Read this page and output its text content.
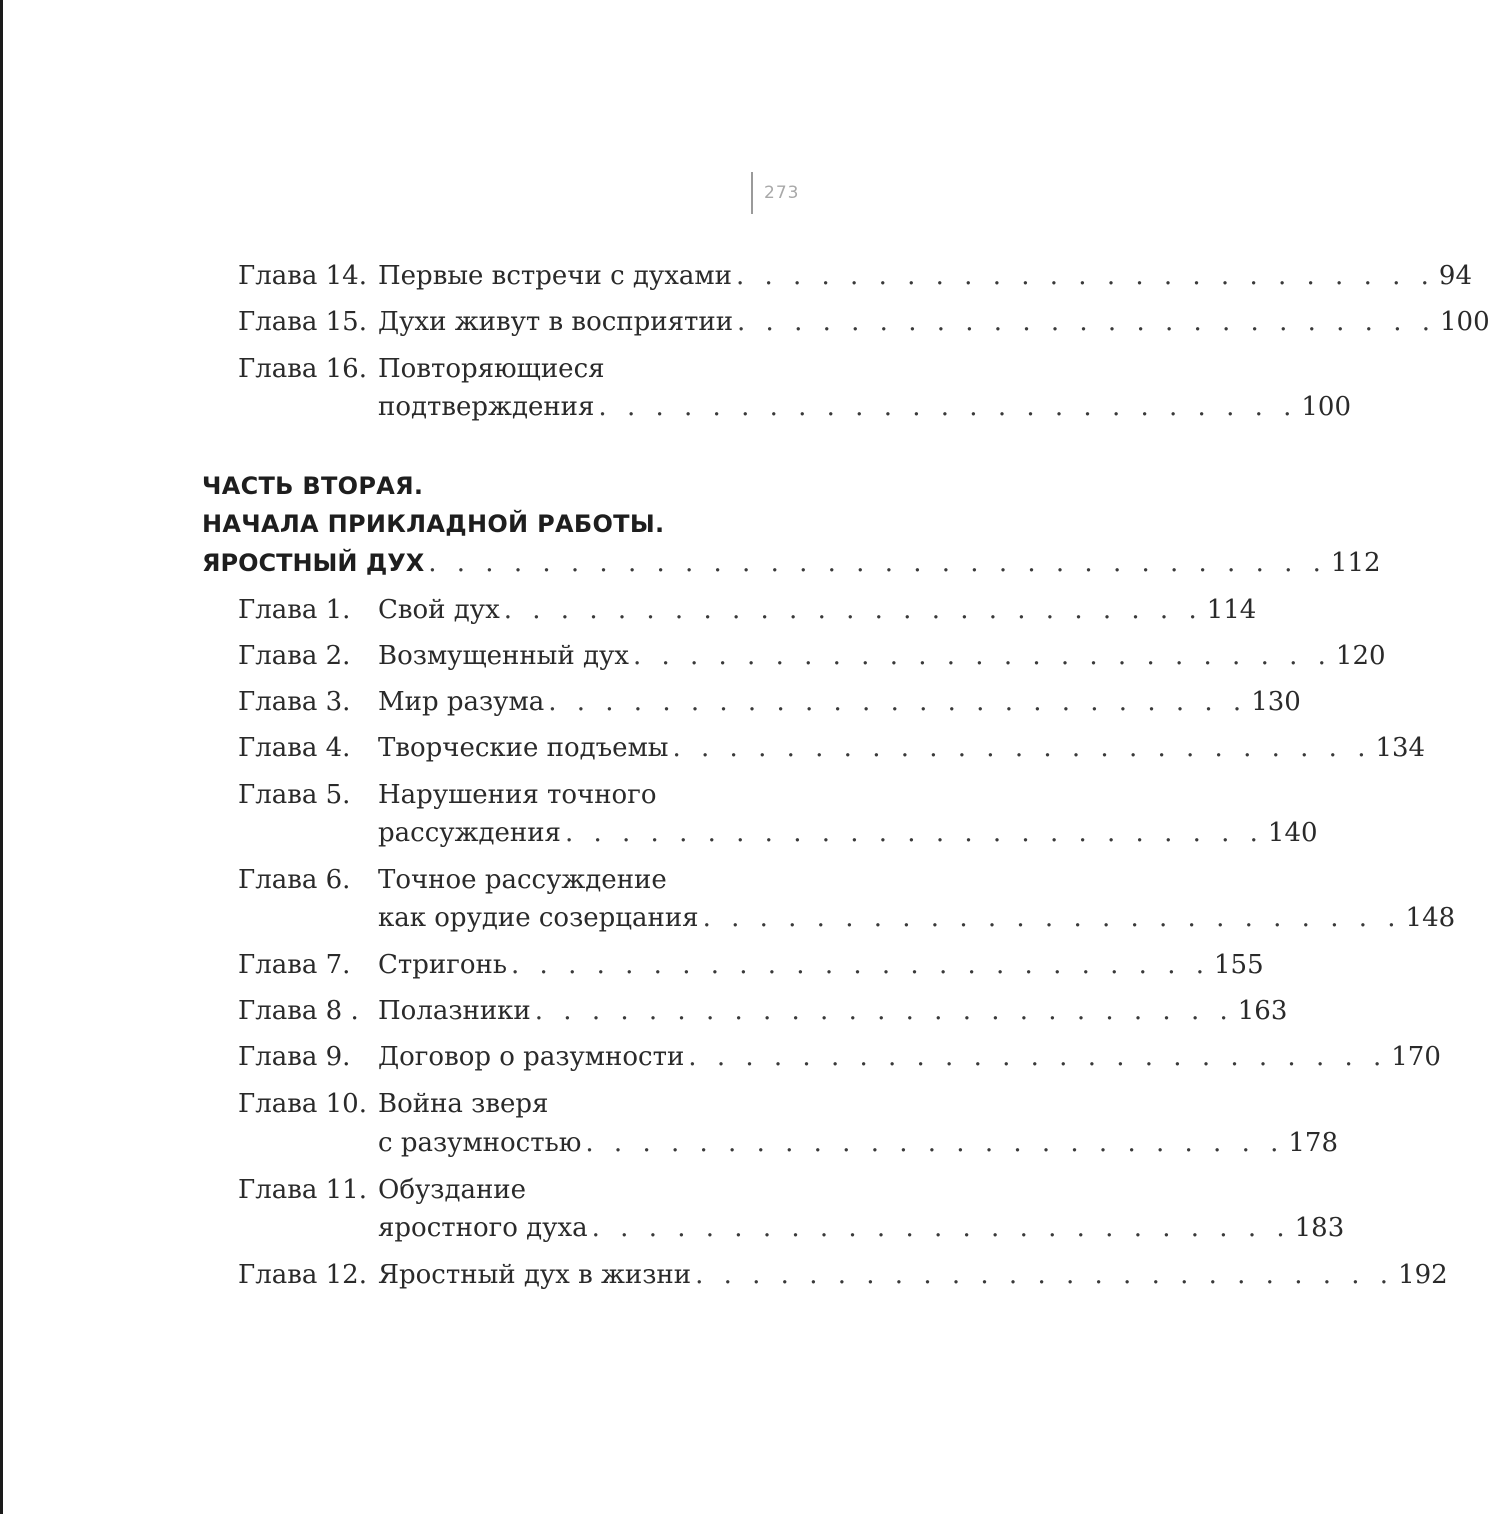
273
Глава 14. Первые встречи с духами . . . . . . . . . . . . . . . . . . . . . . . . . 94
Глава 15. Духи живут в восприятии . . . . . . . . . . . . . . . . . . . . . . . . . 100
Глава 16. Повторяющиеся
подтверждения . . . . . . . . . . . . . . . . . . . . . . . . . 100
ЧАСТЬ ВТОРАЯ.
НАЧАЛА ПРИКЛАДНОЙ РАБОТЫ.
ЯРОСТНЫЙ ДУХ . . . . . . . . . . . . . . . . . . . . . . . . . . . . . . . . 112
Глава 1. Свой дух . . . . . . . . . . . . . . . . . . . . . . . . . 114
Глава 2. Возмущенный дух . . . . . . . . . . . . . . . . . . . . . . . . . 120
Глава 3. Мир разума . . . . . . . . . . . . . . . . . . . . . . . . . 130
Глава 4. Творческие подъемы . . . . . . . . . . . . . . . . . . . . . . . . . 134
Глава 5. Нарушения точного
рассуждения . . . . . . . . . . . . . . . . . . . . . . . . . 140
Глава 6. Точное рассуждение
как орудие созерцания . . . . . . . . . . . . . . . . . . . . . . . . . 148
Глава 7. Стригонь . . . . . . . . . . . . . . . . . . . . . . . . . 155
Глава 8 . Полазники . . . . . . . . . . . . . . . . . . . . . . . . . 163
Глава 9. Договор о разумности . . . . . . . . . . . . . . . . . . . . . . . . . 170
Глава 10. Война зверя
с разумностью . . . . . . . . . . . . . . . . . . . . . . . . . 178
Глава 11. Обуздание
яростного духа . . . . . . . . . . . . . . . . . . . . . . . . . 183
Глава 12. Яростный дух в жизни . . . . . . . . . . . . . . . . . . . . . . . . . 192
